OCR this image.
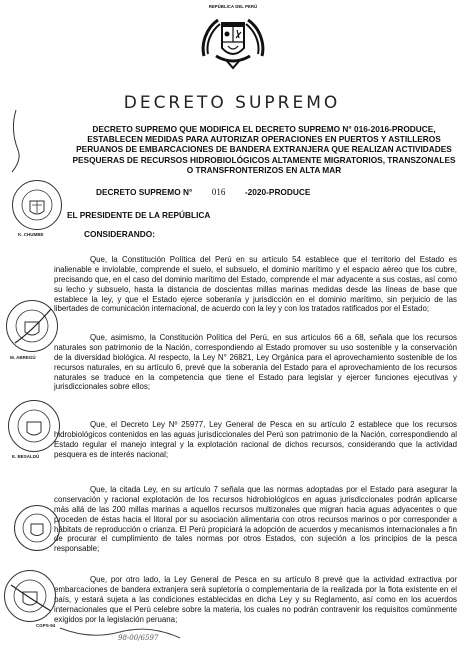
REPÚBLICA DEL PERÚ
DECRETO SUPREMO
DECRETO SUPREMO QUE MODIFICA EL DECRETO SUPREMO N° 016-2016-PRODUCE, ESTABLECEN MEDIDAS PARA AUTORIZAR OPERACIONES EN PUERTOS Y ASTILLEROS PERUANOS DE EMBARCACIONES DE BANDERA EXTRANJERA QUE REALIZAN ACTIVIDADES PESQUERAS DE RECURSOS HIDROBIOLÓGICOS ALTAMENTE MIGRATORIOS, TRANSZONALES O TRANSFRONTERIZOS EN ALTA MAR
DECRETO SUPREMO N° 016 -2020-PRODUCE
EL PRESIDENTE DE LA REPÚBLICA
CONSIDERANDO:

Que, la Constitución Política del Perú en su artículo 54 establece que el territorio del Estado es inalienable e inviolable, comprende el suelo, el subsuelo, el dominio marítimo y el espacio aéreo que los cubre, precisando que, en el caso del dominio marítimo del Estado, comprende el mar adyacente a sus costas, así como su lecho y subsuelo, hasta la distancia de doscientas millas marinas medidas desde las líneas de base que establece la ley, y que el Estado ejerce soberanía y jurisdicción en el dominio marítimo, sin perjuicio de las libertades de comunicación internacional, de acuerdo con la ley y con los tratados ratificados por el Estado;

Que, asimismo, la Constitución Política del Perú, en sus artículos 66 a 68, señala que los recursos naturales son patrimonio de la Nación, correspondiendo al Estado promover su uso sostenible y la conservación de la diversidad biológica. Al respecto, la Ley N° 26821, Ley Orgánica para el aprovechamiento sostenible de los recursos naturales, en su artículo 6, prevé que la soberanía del Estado para el aprovechamiento de los recursos naturales se traduce en la competencia que tiene el Estado para legislar y ejercer funciones ejecutivas y jurisdiccionales sobre ellos;

Que, el Decreto Ley Nº 25977, Ley General de Pesca en su artículo 2 establece que los recursos hidrobiológicos contenidos en las aguas jurisdiccionales del Perú son patrimonio de la Nación, correspondiendo al Estado regular el manejo integral y la explotación racional de dichos recursos, considerando que la actividad pesquera es de interés nacional;

Que, la citada Ley, en su artículo 7 señala que las normas adoptadas por el Estado para asegurar la conservación y racional explotación de los recursos hidrobiológicos en aguas jurisdiccionales podrán aplicarse más allá de las 200 millas marinas a aquellos recursos multizonales que migran hacia aguas adyacentes o que proceden de éstas hacia el litoral por su asociación alimentaria con otros recursos marinos o por corresponder a hábitats de reproducción o crianza. El Perú propiciará la adopción de acuerdos y mecanismos internacionales a fin de procurar el cumplimiento de tales normas por otros Estados, con sujeción a los principios de la pesca responsable;

Que, por otro lado, la Ley General de Pesca en su artículo 8 prevé que la actividad extractiva por embarcaciones de bandera extranjera será supletoria o complementaria de la realizada por la flota existente en el país, y estará sujeta a las condiciones establecidas en dicha Ley y su Reglamento, así como en los acuerdos internacionales que el Perú celebre sobre la materia, los cuales no podrán contravenir los requisitos comúnmente exigidos por la legislación peruana;

K. CHUMBE
M. ABREGÚ
E. BESALDÚ
CGPS-94
98-00/6597
